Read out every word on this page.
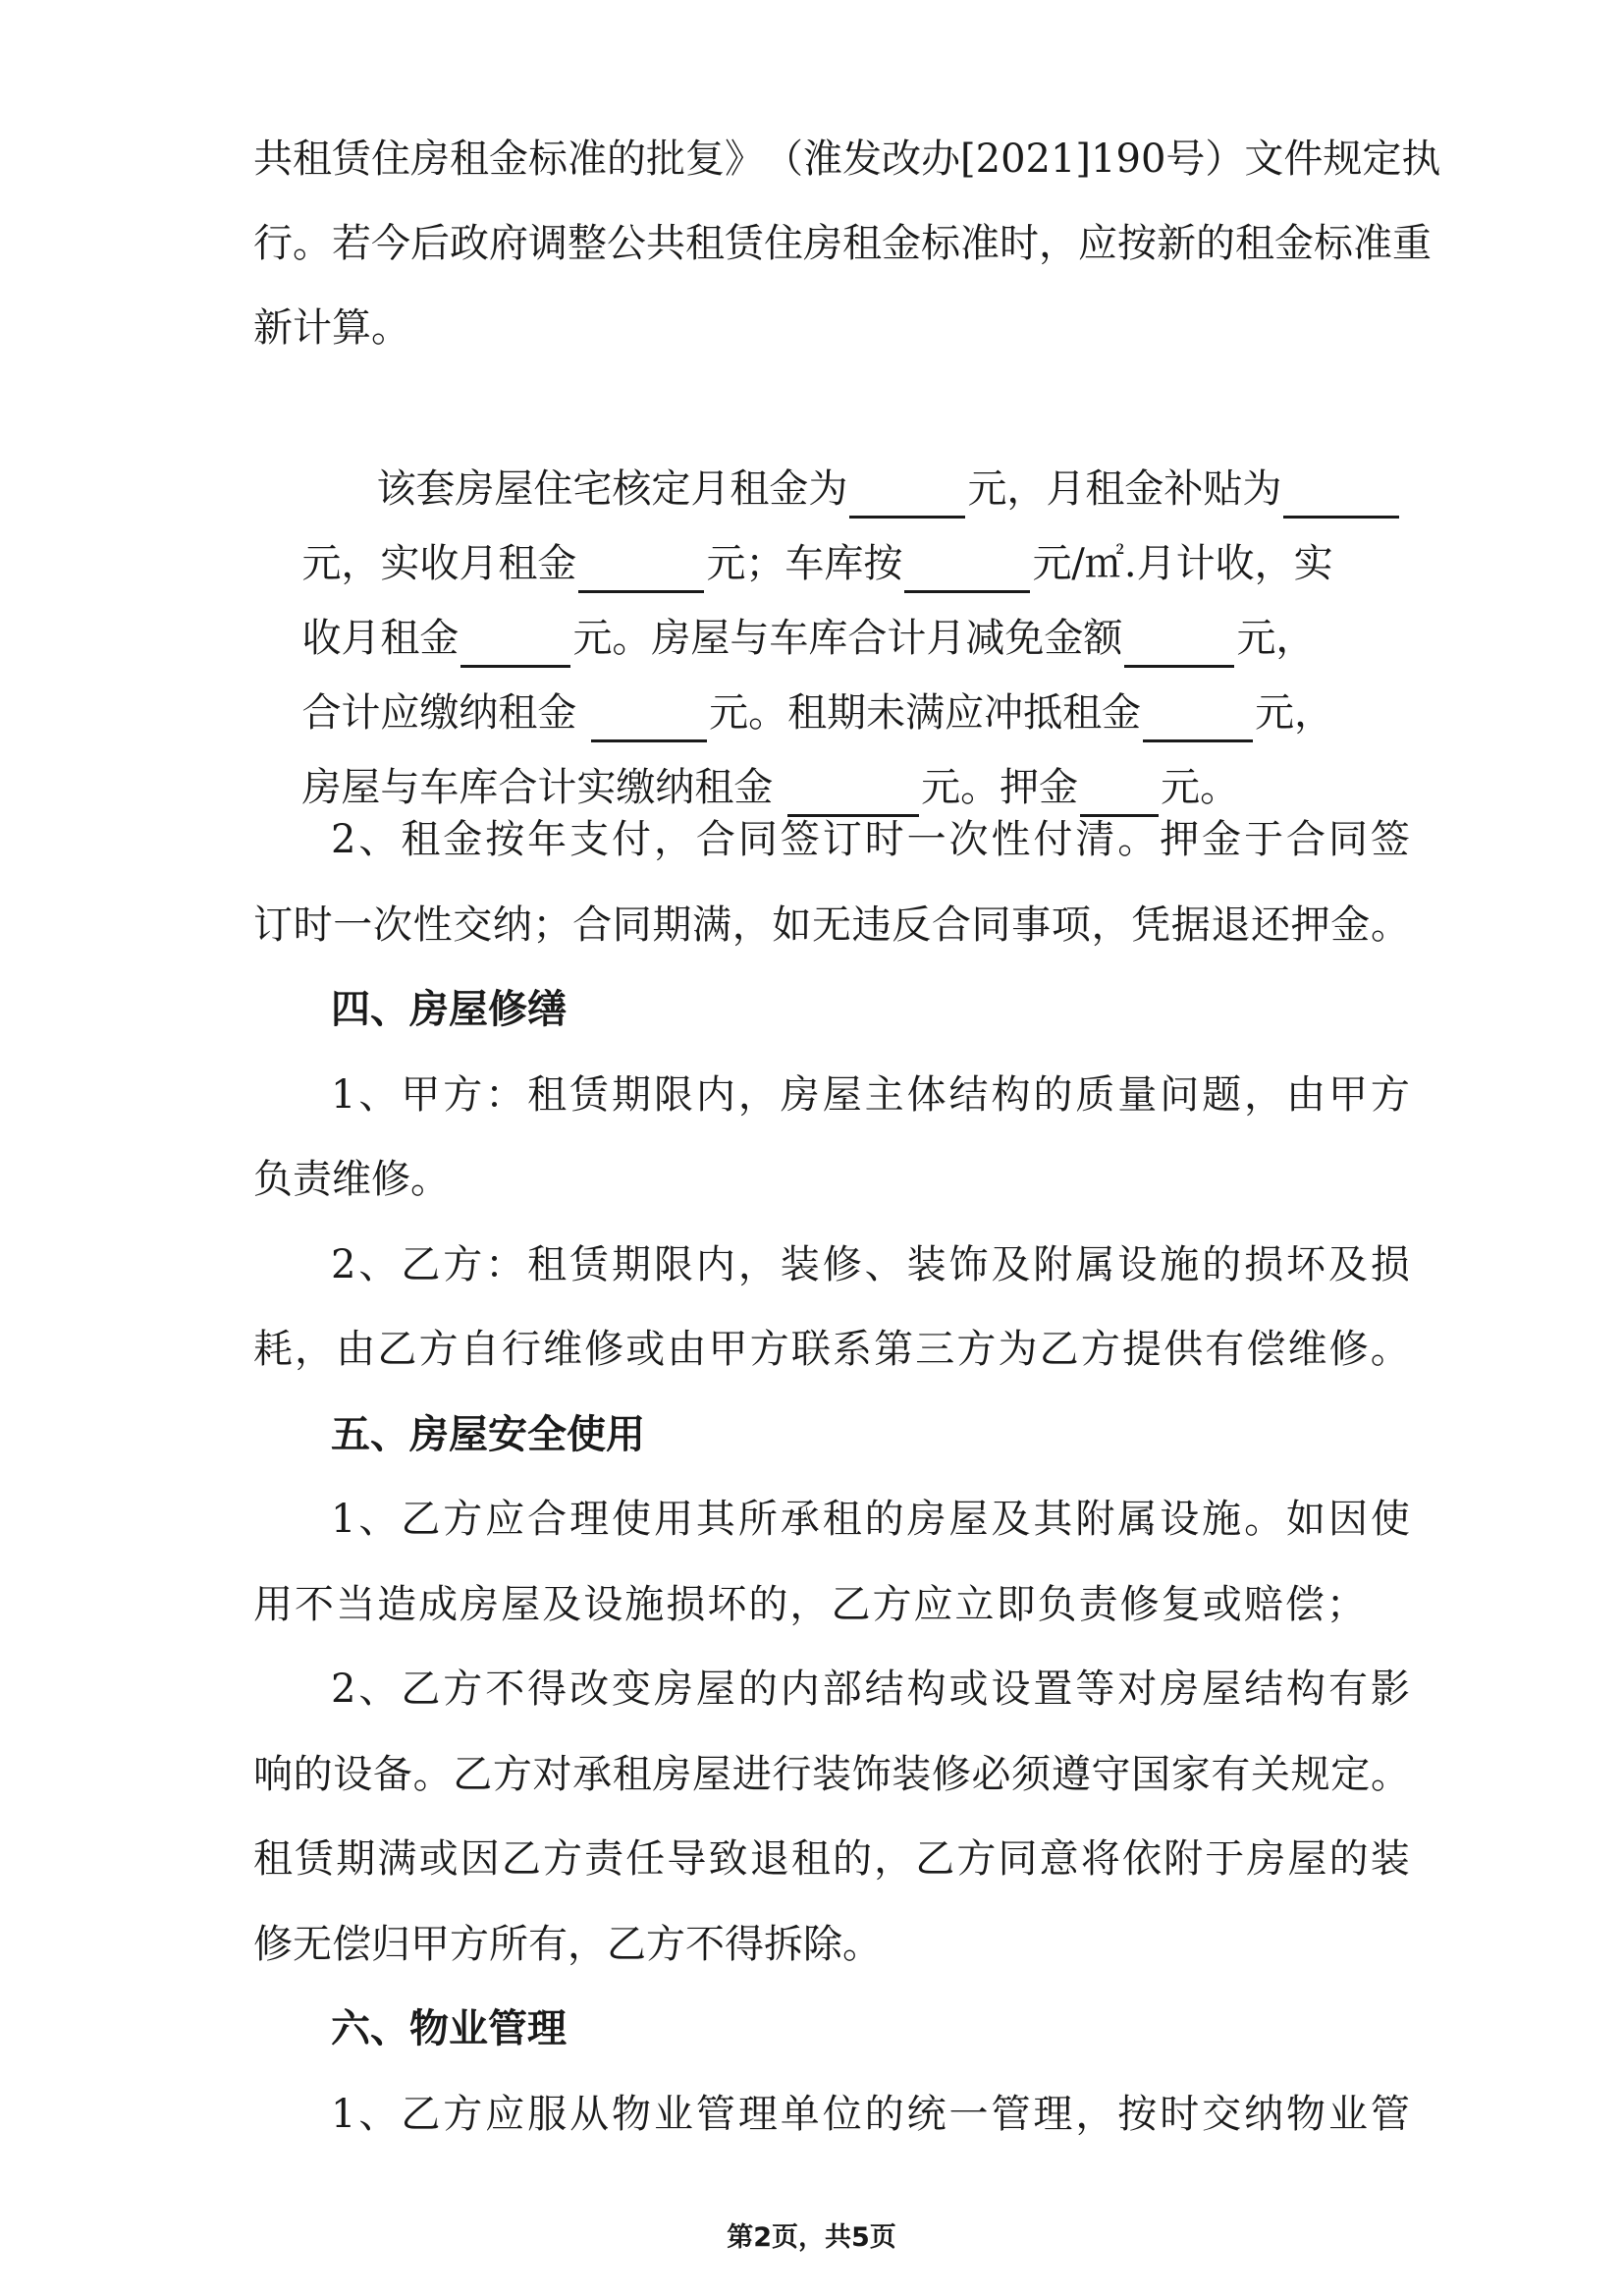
共 租 赁 住 房 租 金 标 准 的 批 复 》 （ 淮 发 改 办 [ 2 0 2 1 ] 1 9 0 号 ） 文 件 规 定 执
行 。 若 今 后 政 府 调 整 公 共 租 赁 住 房 租 金 标 准 时 ， 应 按 新 的 租 金 标 准 重
新计算。

该套房屋住宅核定月租金为	元，月租金补贴为

元，实收月租金	元；车库按	元/㎡.月计收，实

收月租金	元。房屋与车库合计月减免金额	元，

合计应缴纳租金	元。租期未满应冲抵租金	元，

房屋与车库合计实缴纳租金	元。押金 元。

2 、 租 金 按 年 支 付 ， 合 同 签 订 时 一 次 性 付 清 。 押 金 于 合 同 签
订 时 一 次 性 交 纳 ； 合 同 期 满 ， 如 无 违 反 合 同 事 项 ， 凭 据 退 还 押 金 。
四、房屋修缮
1 、 甲 方 ： 租 赁 期 限 内 ， 房 屋 主 体 结 构 的 质 量 问 题 ， 由 甲 方
负责维修。
2 、 乙 方 ： 租 赁 期 限 内 ， 装 修 、 装 饰 及 附 属 设 施 的 损 坏 及 损
耗 ， 由 乙 方 自 行 维 修 或 由 甲 方 联 系 第 三 方 为 乙 方 提 供 有 偿 维 修 。
五、房屋安全使用
1 、 乙 方 应 合 理 使 用 其 所 承 租 的 房 屋 及 其 附 属 设 施 。 如 因 使
用 不 当 造 成 房 屋 及 设 施 损 坏 的 ， 乙 方 应 立 即 负 责 修 复 或 赔 偿 ；
2 、 乙 方 不 得 改 变 房 屋 的 内 部 结 构 或 设 置 等 对 房 屋 结 构 有 影
响 的 设 备 。 乙 方 对 承 租 房 屋 进 行 装 饰 装 修 必 须 遵 守 国 家 有 关 规 定 。
租 赁 期 满 或 因 乙 方 责 任 导 致 退 租 的 ， 乙 方 同 意 将 依 附 于 房 屋 的 装
修无偿归甲方所有，乙方不得拆除。
六、物业管理
1 、 乙 方 应 服 从 物 业 管 理 单 位 的 统 一 管 理 ， 按 时 交 纳 物 业 管
第2页，共5页
